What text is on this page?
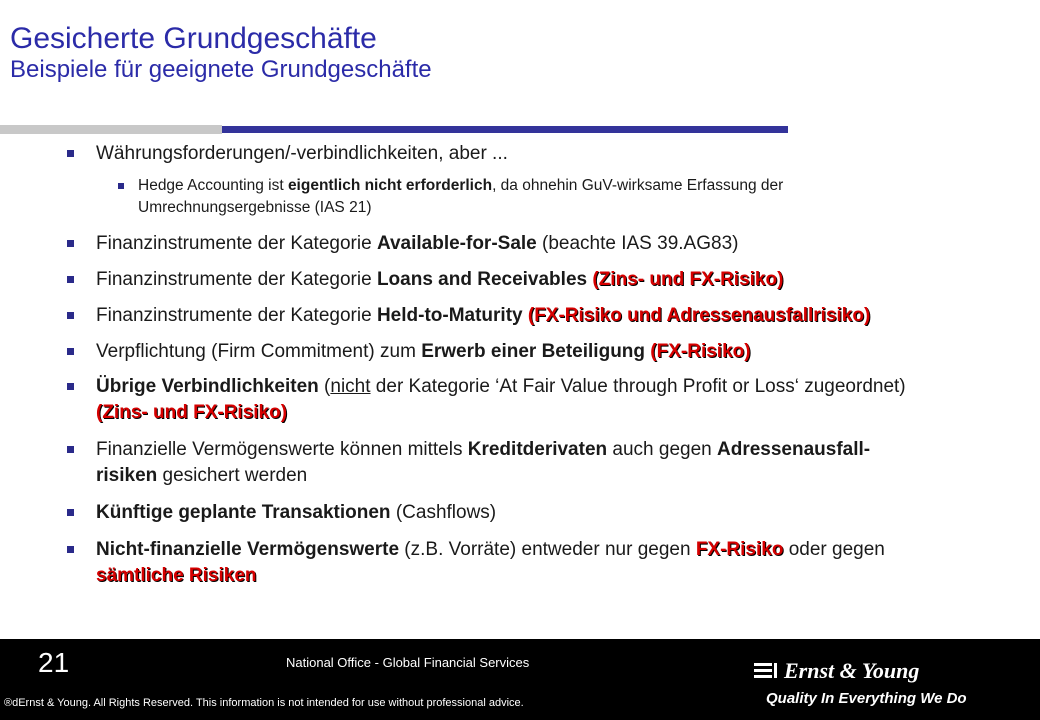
Gesicherte Grundgeschäfte
Beispiele für geeignete Grundgeschäfte
Währungsforderungen/-verbindlichkeiten, aber ...
Hedge Accounting ist eigentlich nicht erforderlich, da ohnehin GuV-wirksame Erfassung der
Umrechnungsergebnisse (IAS 21)
Finanzinstrumente der Kategorie Available-for-Sale (beachte IAS 39.AG83)
Finanzinstrumente der Kategorie Loans and Receivables (Zins- und FX-Risiko)
Finanzinstrumente der Kategorie Held-to-Maturity (FX-Risiko und Adressenausfallrisiko)
Verpflichtung (Firm Commitment) zum Erwerb einer Beteiligung (FX-Risiko)
Übrige Verbindlichkeiten (nicht der Kategorie ‘At Fair Value through Profit or Loss‘ zugeordnet)
(Zins- und FX-Risiko)
Finanzielle Vermögenswerte können mittels Kreditderivaten auch gegen Adressenausfall-
risiken gesichert werden
Künftige geplante Transaktionen (Cashflows)
Nicht-finanzielle Vermögenswerte (z.B. Vorräte) entweder nur gegen FX-Risiko oder gegen
sämtliche Risiken
21	National Office - Global Financial Services
®dErnst & Young. All Rights Reserved. This information is not intended for use without professional advice.
Ernst & Young
Quality In Everything We Do
